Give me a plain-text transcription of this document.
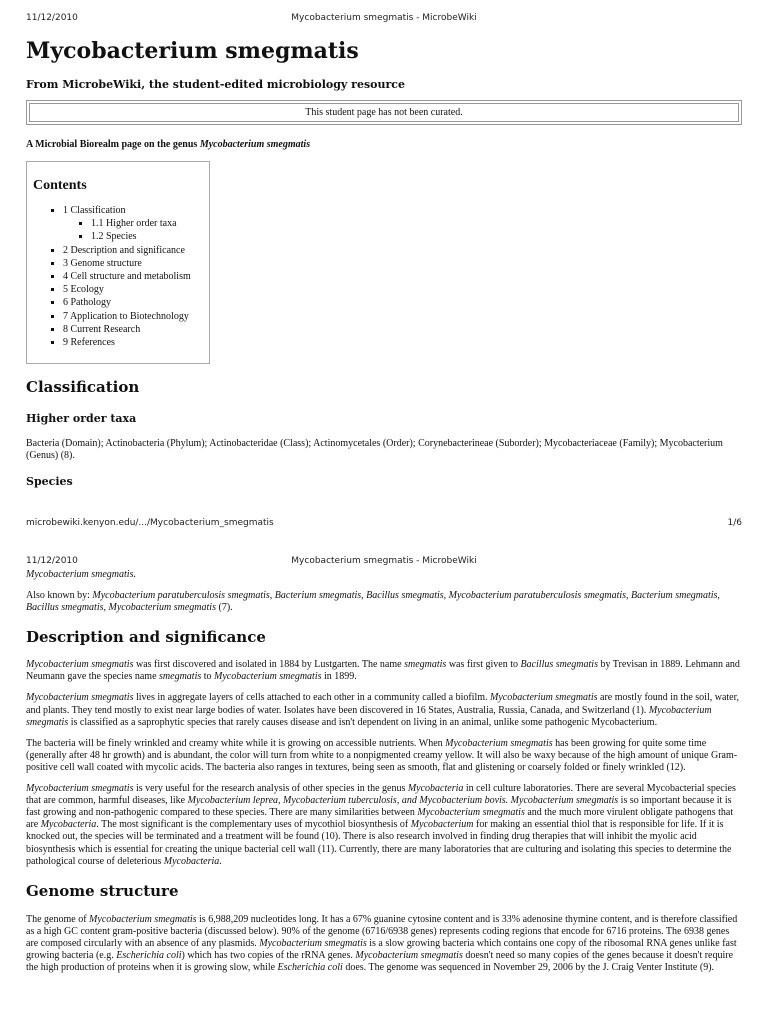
11/12/2010	Mycobacterium smegmatis - MicrobeWiki
Mycobacterium smegmatis
From MicrobeWiki, the student-edited microbiology resource
This student page has not been curated.
A Microbial Biorealm page on the genus Mycobacterium smegmatis
Contents
▪ 1 Classification
▪ 1.1 Higher order taxa
▪ 1.2 Species
▪ 2 Description and significance
▪ 3 Genome structure
▪ 4 Cell structure and metabolism
▪ 5 Ecology
▪ 6 Pathology
▪ 7 Application to Biotechnology
▪ 8 Current Research
▪ 9 References
Classification
Higher order taxa

Bacteria (Domain); Actinobacteria (Phylum); Actinobacteridae (Class); Actinomycetales (Order); Corynebacterineae (Suborder); Mycobacteriaceae (Family); Mycobacterium (Genus) (8).

Species
microbewiki.kenyon.edu/.../Mycobacterium_smegmatis	1/6
11/12/2010	Mycobacterium smegmatis - MicrobeWiki

Mycobacterium smegmatis.

Also known by: Mycobacterium paratuberculosis smegmatis, Bacterium smegmatis, Bacillus smegmatis, Mycobacterium paratuberculosis smegmatis, Bacterium smegmatis, Bacillus smegmatis, Mycobacterium smegmatis (7).

Description and significance

Mycobacterium smegmatis was first discovered and isolated in 1884 by Lustgarten. The name smegmatis was first given to Bacillus smegmatis by Trevisan in 1889. Lehmann and Neumann gave the species name smegmatis to Mycobacterium smegmatis in 1899.

Mycobacterium smegmatis lives in aggregate layers of cells attached to each other in a community called a biofilm. Mycobacterium smegmatis are mostly found in the soil, water, and plants. They tend mostly to exist near large bodies of water. Isolates have been discovered in 16 States, Australia, Russia, Canada, and Switzerland (1). Mycobacterium smegmatis is classified as a saprophytic species that rarely causes disease and isn't dependent on living in an animal, unlike some pathogenic Mycobacterium.

The bacteria will be finely wrinkled and creamy white while it is growing on accessible nutrients. When Mycobacterium smegmatis has been growing for quite some time (generally after 48 hr growth) and is abundant, the color will turn from white to a nonpigmented creamy yellow. It will also be waxy because of the high amount of unique Gram-positive cell wall coated with mycolic acids. The bacteria also ranges in textures, being seen as smooth, flat and glistening or coarsely folded or finely wrinkled (12).

Mycobacterium smegmatis is very useful for the research analysis of other species in the genus Mycobacteria in cell culture laboratories. There are several Mycobacterial species that are common, harmful diseases, like Mycobacterium leprea, Mycobacterium tuberculosis, and Mycobacterium bovis. Mycobacterium smegmatis is so important because it is fast growing and non-pathogenic compared to these species. There are many similarities between Mycobacterium smegmatis and the much more virulent obligate pathogens that are Mycobacteria. The most significant is the complementary uses of mycothiol biosynthesis of Mycobacterium for making an essential thiol that is responsible for life. If it is knocked out, the species will be terminated and a treatment will be found (10). There is also research involved in finding drug therapies that will inhibit the myolic acid biosynthesis which is essential for creating the unique bacterial cell wall (11). Currently, there are many laboratories that are culturing and isolating this species to determine the pathological course of deleterious Mycobacteria.

Genome structure

The genome of Mycobacterium smegmatis is 6,988,209 nucleotides long. It has a 67% guanine cytosine content and is 33% adenosine thymine content, and is therefore classified as a high GC content gram-positive bacteria (discussed below). 90% of the genome (6716/6938 genes) represents coding regions that encode for 6716 proteins. The 6938 genes are composed circularly with an absence of any plasmids. Mycobacterium smegmatis is a slow growing bacteria which contains one copy of the ribosomal RNA genes unlike fast growing bacteria (e.g. Escherichia coli) which has two copies of the rRNA genes. Mycobacterium smegmatis doesn't need so many copies of the genes because it doesn't require the high production of proteins when it is growing slow, while Escherichia coli does. The genome was sequenced in November 29, 2006 by the J. Craig Venter Institute (9).
